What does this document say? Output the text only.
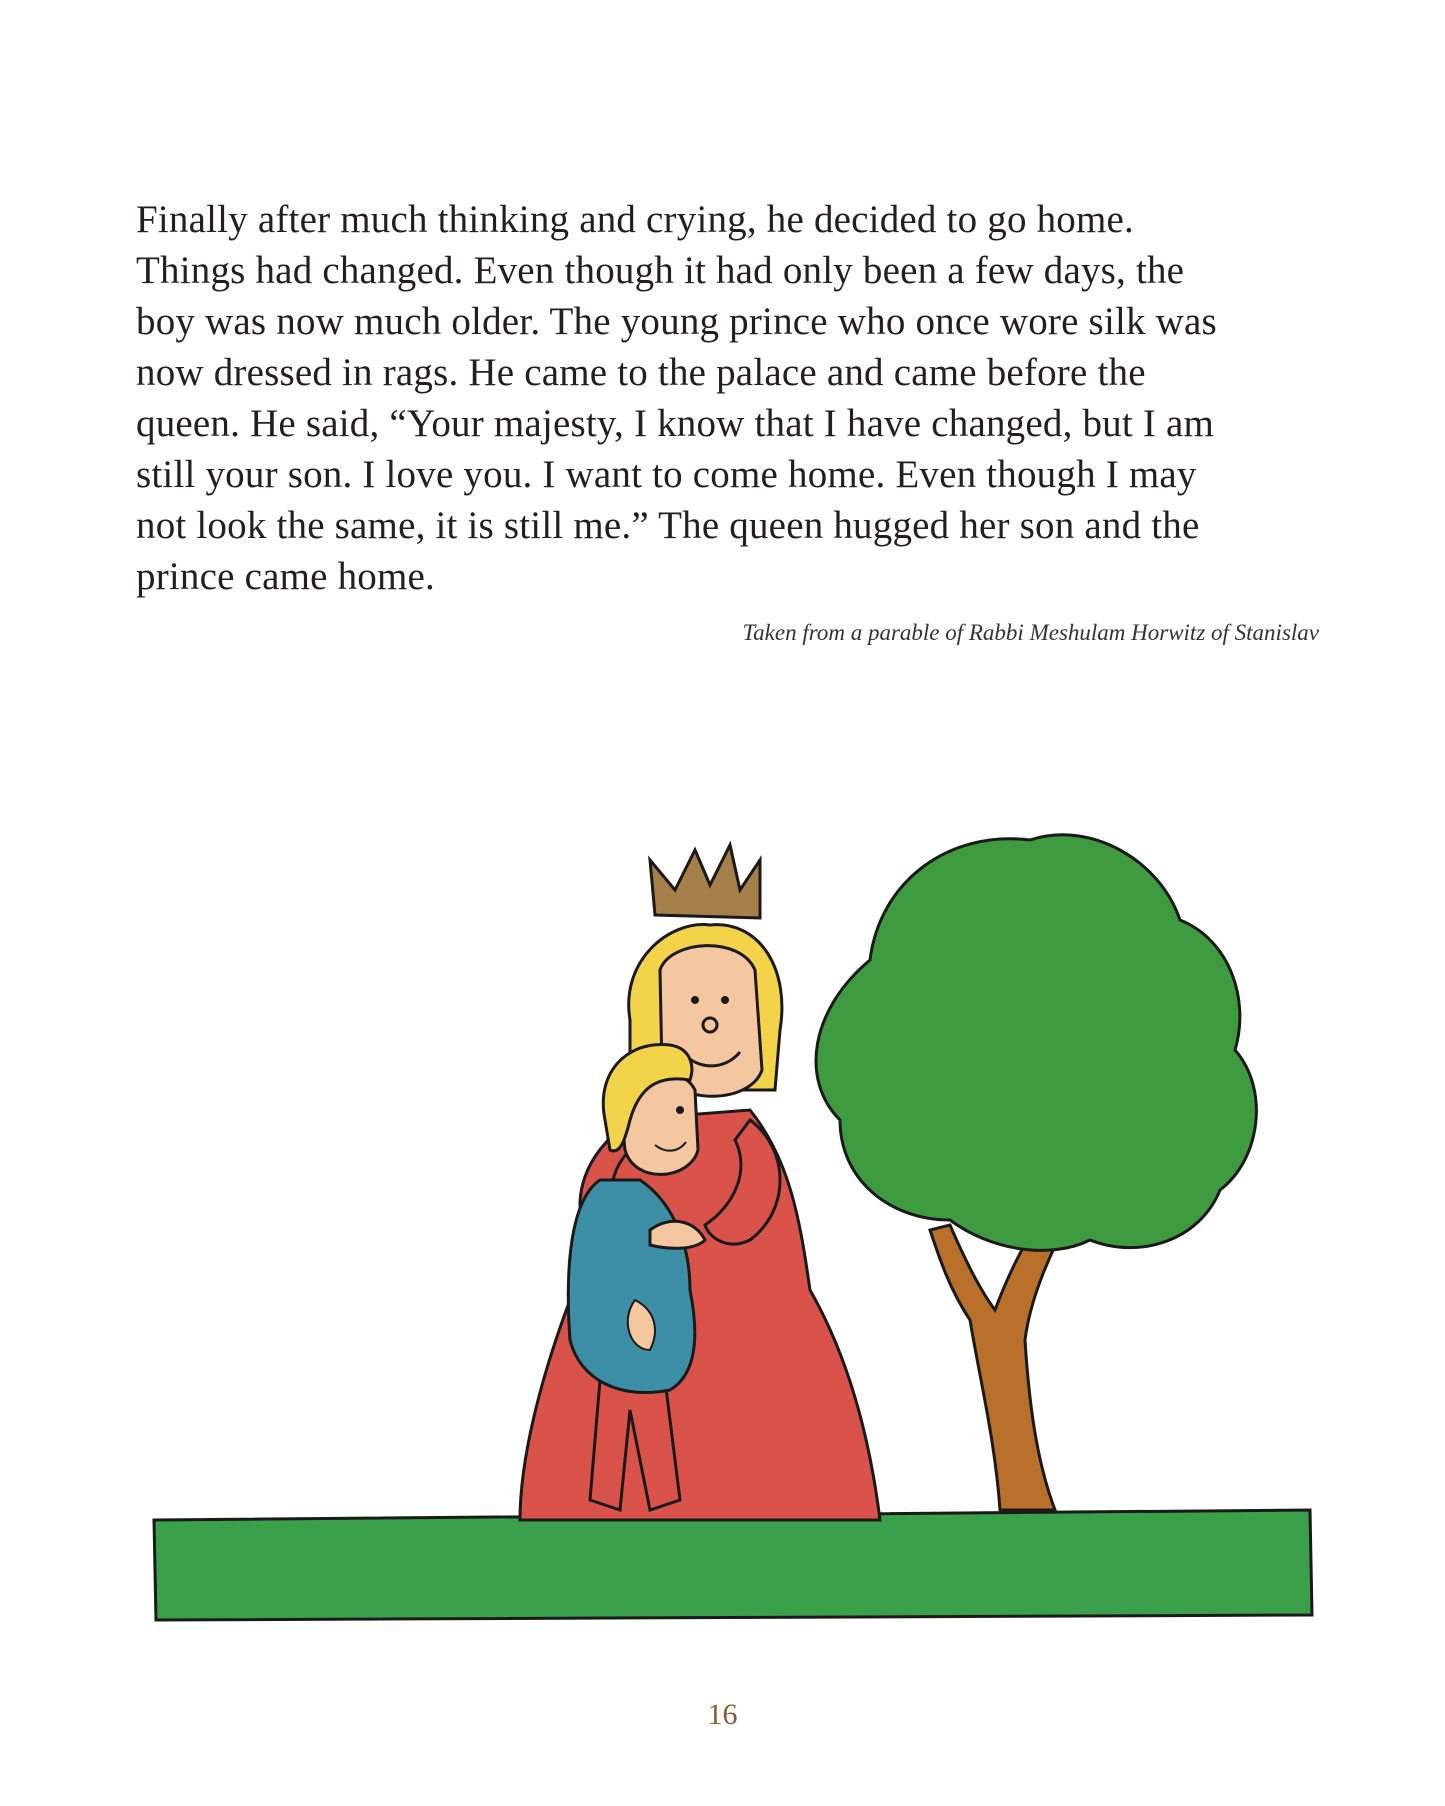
Finally after much thinking and crying, he decided to go home.
Things had changed. Even though it had only been a few days, the
boy was now much older. The young prince who once wore silk was
now dressed in rags. He came to the palace and came before the
queen. He said, “Your majesty, I know that I have changed, but I am
still your son. I love you. I want to come home. Even though I may
not look the same, it is still me.” The queen hugged her son and the
prince came home.
Taken from a parable of Rabbi Meshulam Horwitz of Stanislav
16
